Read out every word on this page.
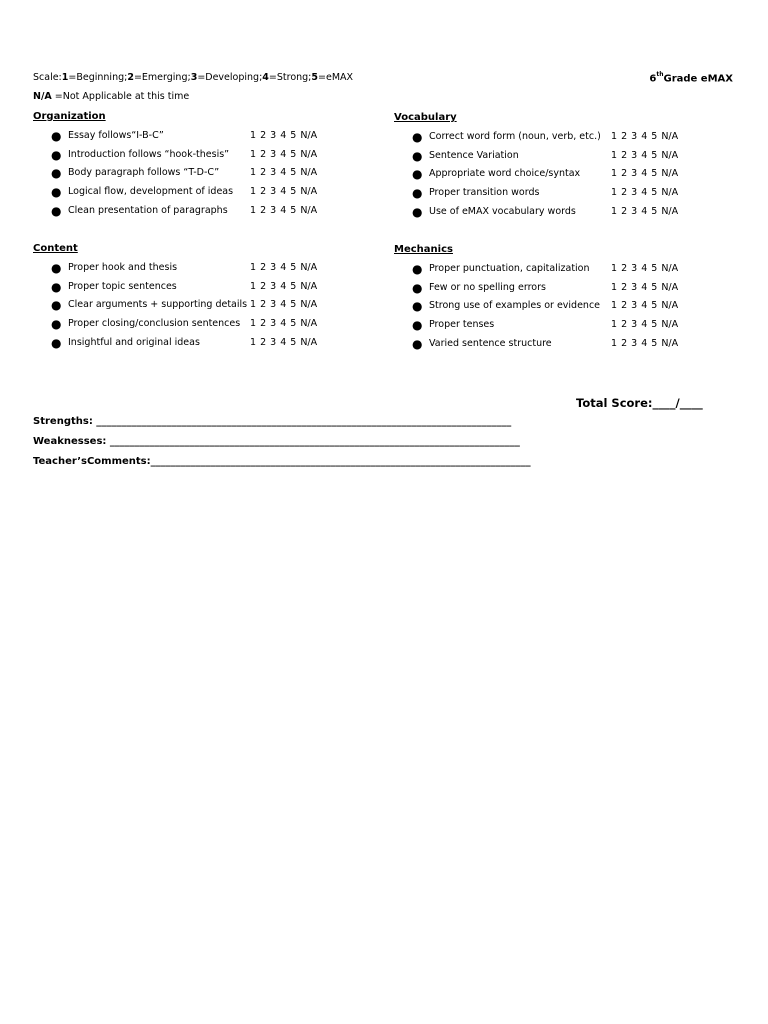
Scale:1=Beginning;2=Emerging;3=Developing;4=Strong;5=eMAX	6thGrade eMAX
N/A =Not Applicable at this time
Organization
● Essay follows“I-B-C”	1 2 3 4 5 N/A
● Introduction follows “hook-thesis” 1 2 3 4 5 N/A
● Body paragraph follows “T-D-C”	1 2 3 4 5 N/A
● Logical flow, development of ideas 1 2 3 4 5 N/A
● Clean presentation of paragraphs 1 2 3 4 5 N/A
Vocabulary
● Correct word form (noun, verb, etc.) 1 2 3 4 5 N/A
● Sentence Variation	1 2 3 4 5 N/A
● Appropriate word choice/syntax	1 2 3 4 5 N/A
● Proper transition words	1 2 3 4 5 N/A
● Use of eMAX vocabulary words	1 2 3 4 5 N/A
Content
● Proper hook and thesis	1 2 3 4 5 N/A
● Proper topic sentences	1 2 3 4 5 N/A
● Clear arguments + supporting details 1 2 3 4 5 N/A
● Proper closing/conclusion sentences 1 2 3 4 5 N/A
● Insightful and original ideas	1 2 3 4 5 N/A
Mechanics
● Proper punctuation, capitalization 1 2 3 4 5 N/A
● Few or no spelling errors	1 2 3 4 5 N/A
● Strong use of examples or evidence 1 2 3 4 5 N/A
● Proper tenses	1 2 3 4 5 N/A
● Varied sentence structure	1 2 3 4 5 N/A
Total Score:____/____
Strengths: ___________________________________________________________________________________
Weaknesses: __________________________________________________________________________________
Teacher’sComments:____________________________________________________________________________
